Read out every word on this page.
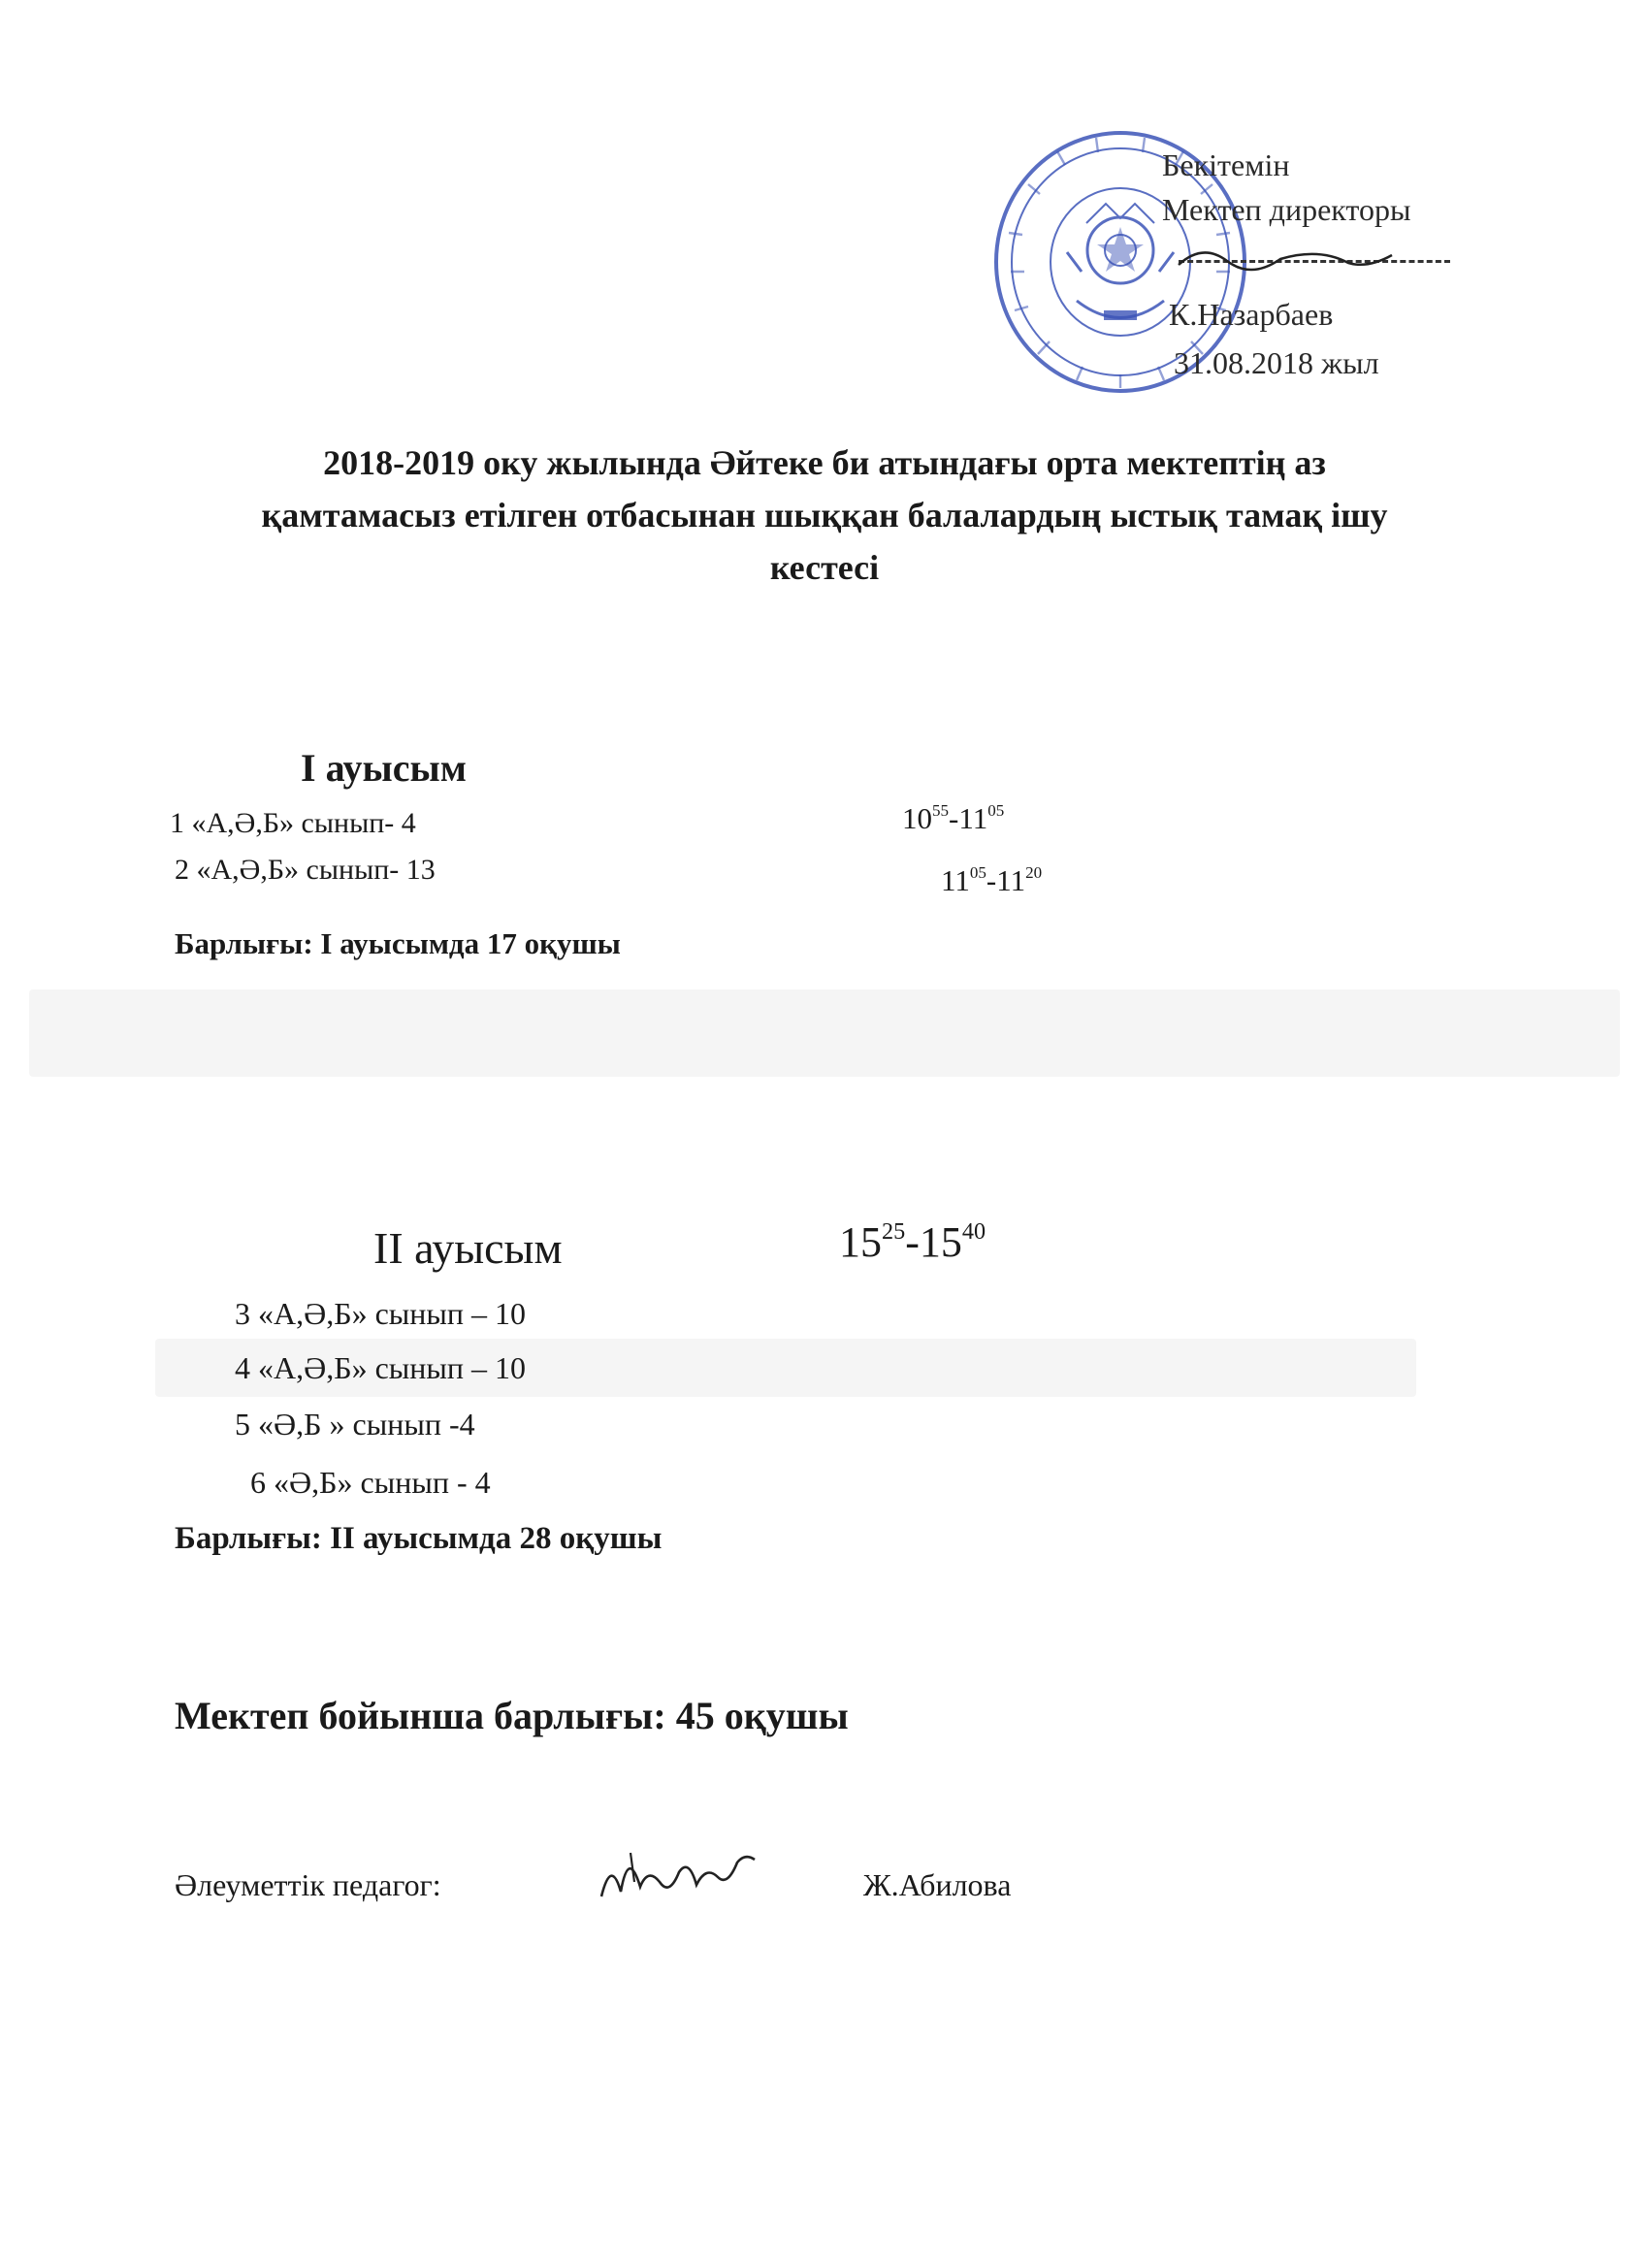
Бекітемін
Мектеп директоры
К.Назарбаев
31.08.2018 жыл
2018-2019 оку жылында Әйтеке би атындағы орта мектептің аз
қамтамасыз етілген отбасынан шыққан балалардың ыстық тамақ ішу
кестесі
I ауысым
1 «А,Ә,Б» сынып- 4	$10^{55}-11^{05}$
2 «А,Ә,Б» сынып- 13	$11^{05}-11^{20}$
Барлығы: I ауысымда 17 оқушы
II ауысым	$15^{25}-15^{40}$
3 «А,Ә,Б» сынып – 10
4 «А,Ә,Б» сынып – 10
5 «Ә,Б » сынып -4
6 «Ә,Б» сынып - 4
Барлығы: II ауысымда 28 оқушы
Мектеп бойынша барлығы: 45 оқушы
Әлеуметтік педагог:	Ж.Абилова
